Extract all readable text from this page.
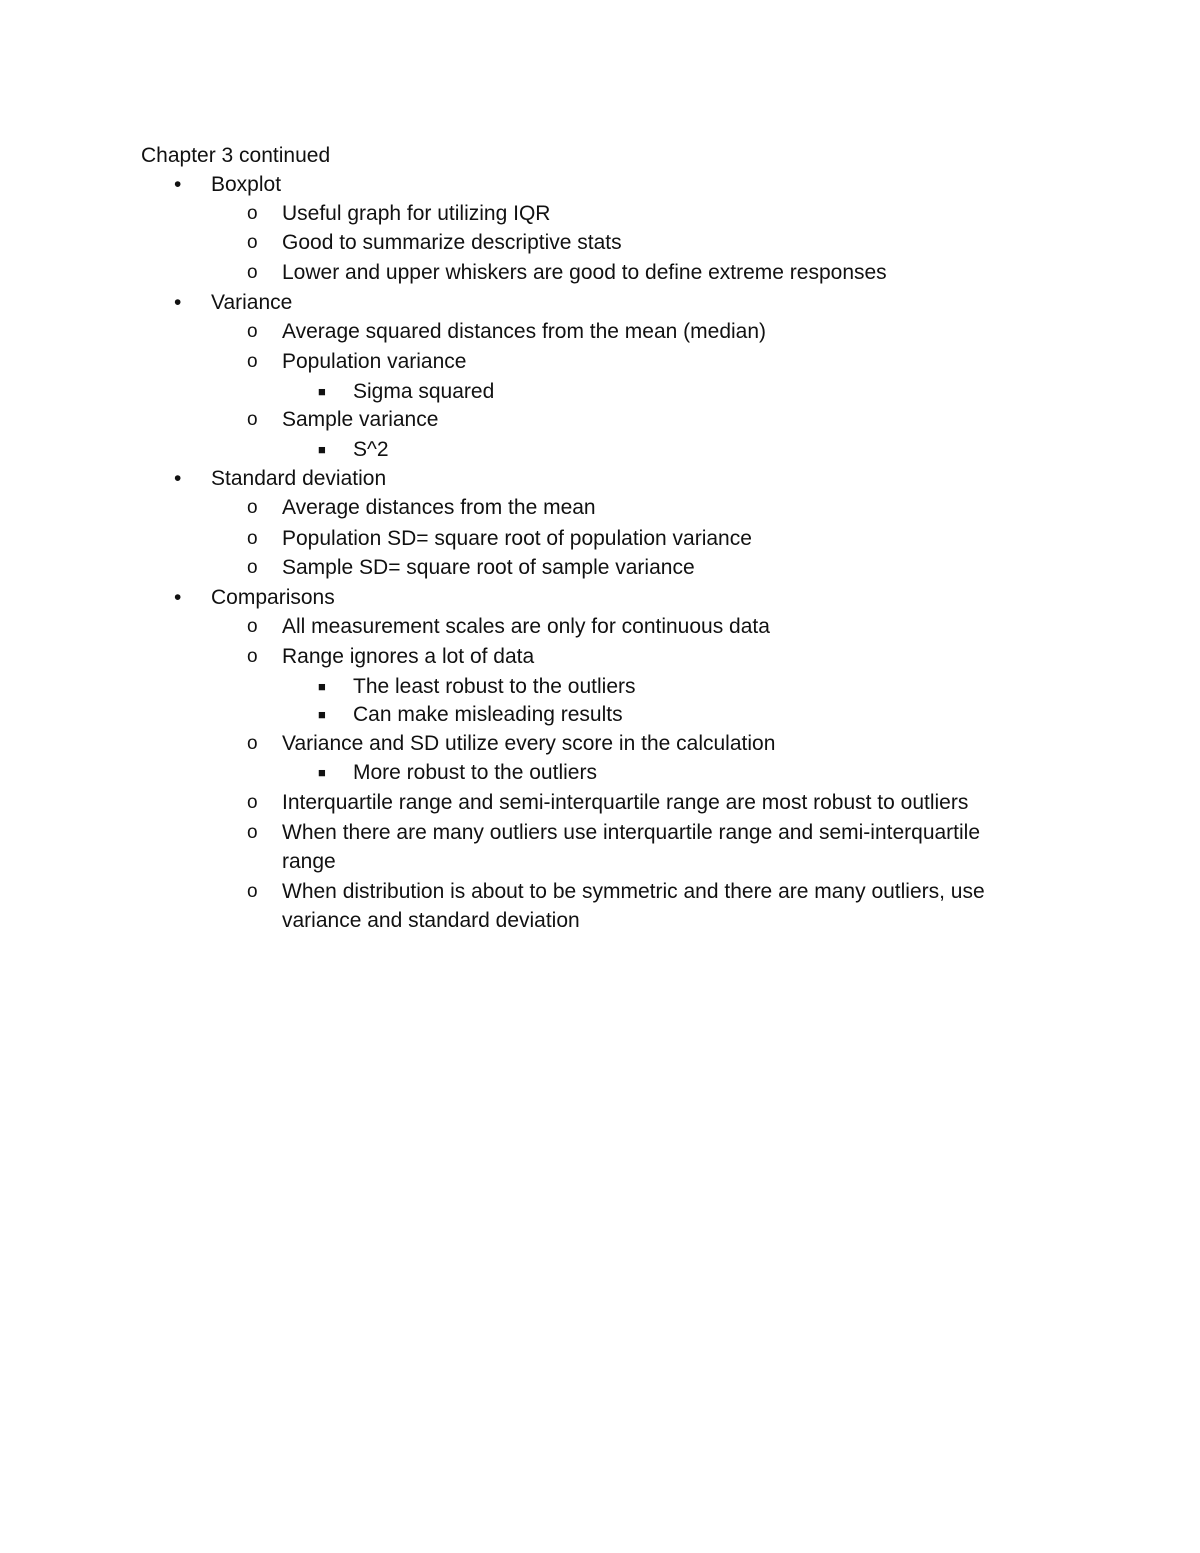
Chapter 3 continued
• Boxplot
o Useful graph for utilizing IQR
o Good to summarize descriptive stats
o Lower and upper whiskers are good to define extreme responses
• Variance
o Average squared distances from the mean (median)
o Population variance
■ Sigma squared
o Sample variance
■ S^2
• Standard deviation
o Average distances from the mean
o Population SD= square root of population variance
o Sample SD= square root of sample variance
• Comparisons
o All measurement scales are only for continuous data
o Range ignores a lot of data
■ The least robust to the outliers
■ Can make misleading results
o Variance and SD utilize every score in the calculation
■ More robust to the outliers
o Interquartile range and semi-interquartile range are most robust to outliers
o When there are many outliers use interquartile range and semi-interquartile
range
o When distribution is about to be symmetric and there are many outliers, use
variance and standard deviation
